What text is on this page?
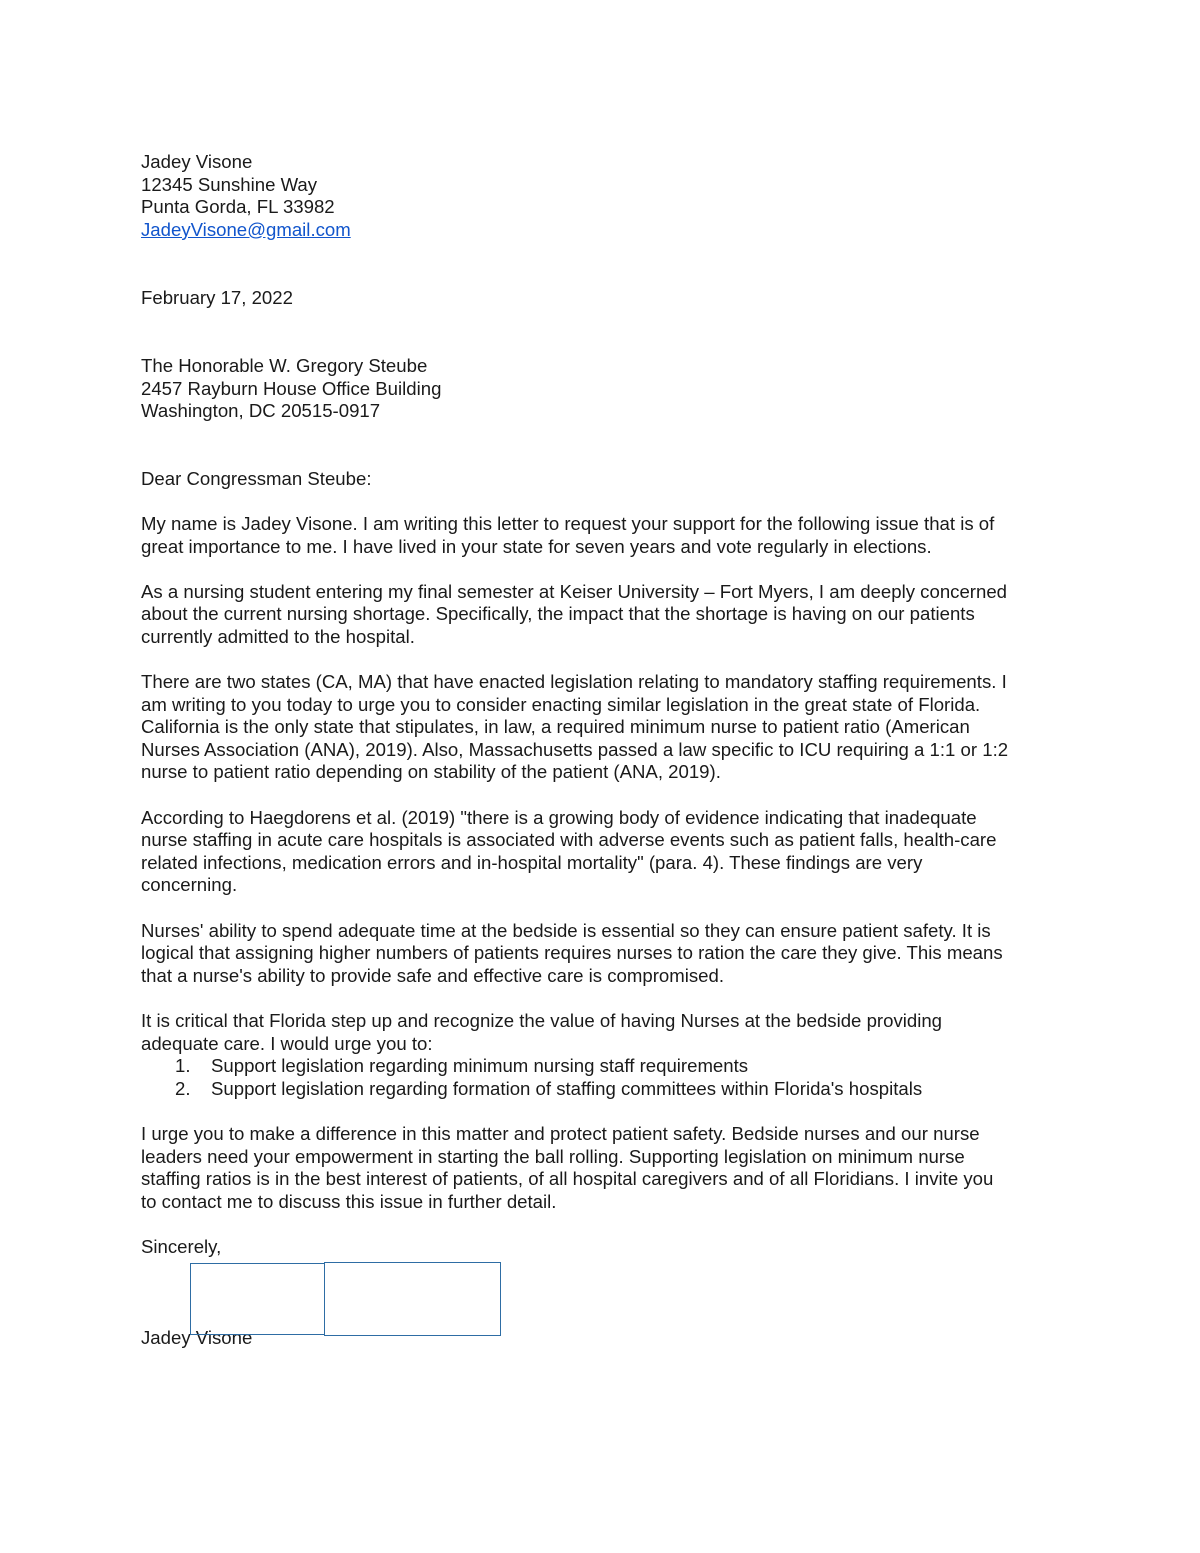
Jadey Visone
12345 Sunshine Way
Punta Gorda, FL 33982
JadeyVisone@gmail.com
February 17, 2022
The Honorable W. Gregory Steube
2457 Rayburn House Office Building
Washington, DC 20515-0917
Dear Congressman Steube:
My name is Jadey Visone. I am writing this letter to request your support for the following issue that is of
great importance to me. I have lived in your state for seven years and vote regularly in elections.
As a nursing student entering my final semester at Keiser University – Fort Myers, I am deeply concerned
about the current nursing shortage. Specifically, the impact that the shortage is having on our patients
currently admitted to the hospital.
There are two states (CA, MA) that have enacted legislation relating to mandatory staffing requirements. I
am writing to you today to urge you to consider enacting similar legislation in the great state of Florida.
California is the only state that stipulates, in law, a required minimum nurse to patient ratio (American
Nurses Association (ANA), 2019). Also, Massachusetts passed a law specific to ICU requiring a 1:1 or 1:2
nurse to patient ratio depending on stability of the patient (ANA, 2019).
According to Haegdorens et al. (2019) "there is a growing body of evidence indicating that inadequate
nurse staffing in acute care hospitals is associated with adverse events such as patient falls, health-care
related infections, medication errors and in-hospital mortality" (para. 4). These findings are very
concerning.
Nurses' ability to spend adequate time at the bedside is essential so they can ensure patient safety. It is
logical that assigning higher numbers of patients requires nurses to ration the care they give. This means
that a nurse's ability to provide safe and effective care is compromised.
It is critical that Florida step up and recognize the value of having Nurses at the bedside providing
adequate care. I would urge you to:
1.	Support legislation regarding minimum nursing staff requirements
2.	Support legislation regarding formation of staffing committees within Florida's hospitals
I urge you to make a difference in this matter and protect patient safety. Bedside nurses and our nurse
leaders need your empowerment in starting the ball rolling. Supporting legislation on minimum nurse
staffing ratios is in the best interest of patients, of all hospital caregivers and of all Floridians. I invite you
to contact me to discuss this issue in further detail.
Sincerely,
Jadey Visone
